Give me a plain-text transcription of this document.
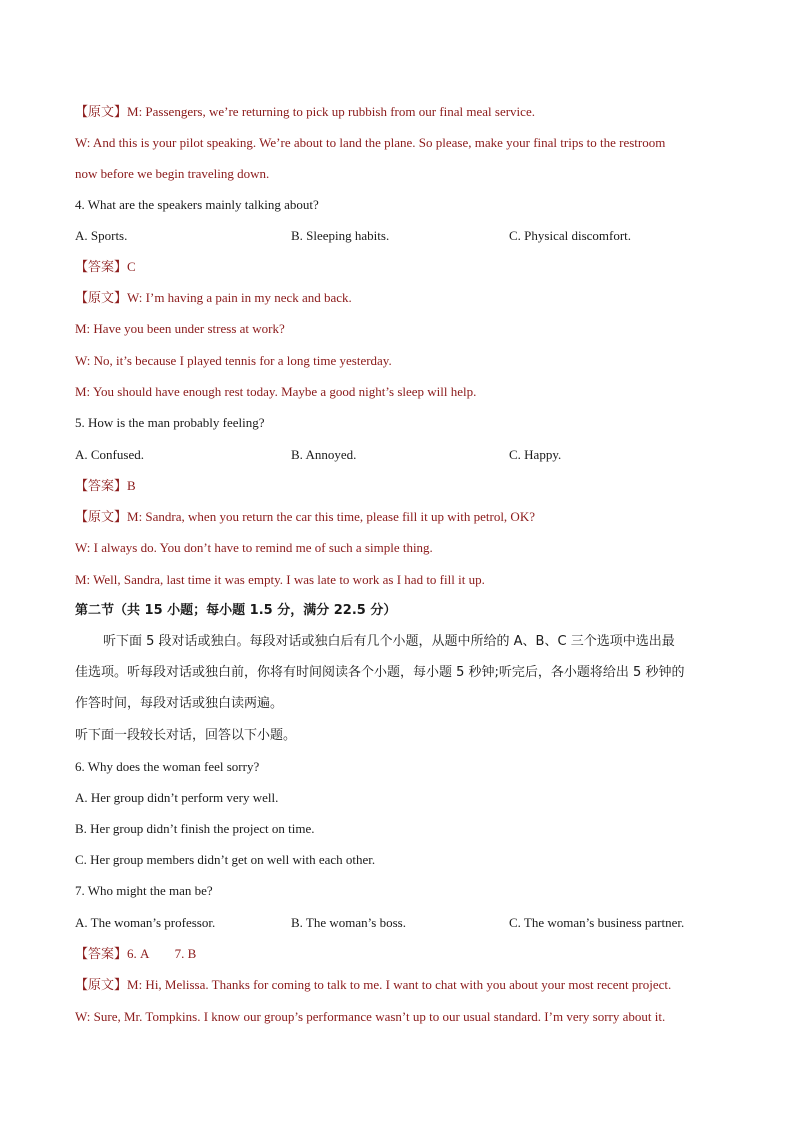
【原文】M: Passengers, we’re returning to pick up rubbish from our final meal service.
W: And this is your pilot speaking. We’re about to land the plane. So please, make your final trips to the restroom
now before we begin traveling down.
4. What are the speakers mainly talking about?
A. Sports.	B. Sleeping habits.	C. Physical discomfort.
【答案】C
【原文】W: I’m having a pain in my neck and back.
M: Have you been under stress at work?
W: No, it’s because I played tennis for a long time yesterday.
M: You should have enough rest today. Maybe a good night’s sleep will help.
5. How is the man probably feeling?
A. Confused.	B. Annoyed.	C. Happy.
【答案】B
【原文】M: Sandra, when you return the car this time, please fill it up with petrol, OK?
W: I always do. You don’t have to remind me of such a simple thing.
M: Well, Sandra, last time it was empty. I was late to work as I had to fill it up.
第二节（共 15 小题；每小题 1.5 分，满分 22.5 分）
听下面 5 段对话或独白。每段对话或独白后有几个小题，从题中所给的 A、B、C 三个选项中选出最
佳选项。听每段对话或独白前，你将有时间阅读各个小题，每小题 5 秒钟;听完后，各小题将给出 5 秒钟的
作答时间，每段对话或独白读两遍。
听下面一段较长对话，回答以下小题。
6. Why does the woman feel sorry?
A. Her group didn’t perform very well.
B. Her group didn’t finish the project on time.
C. Her group members didn’t get on well with each other.
7. Who might the man be?
A. The woman’s professor.	B. The woman’s boss.	C. The woman’s business partner.
【答案】6. A        7. B
【原文】M: Hi, Melissa. Thanks for coming to talk to me. I want to chat with you about your most recent project.
W: Sure, Mr. Tompkins. I know our group’s performance wasn’t up to our usual standard. I’m very sorry about it.
